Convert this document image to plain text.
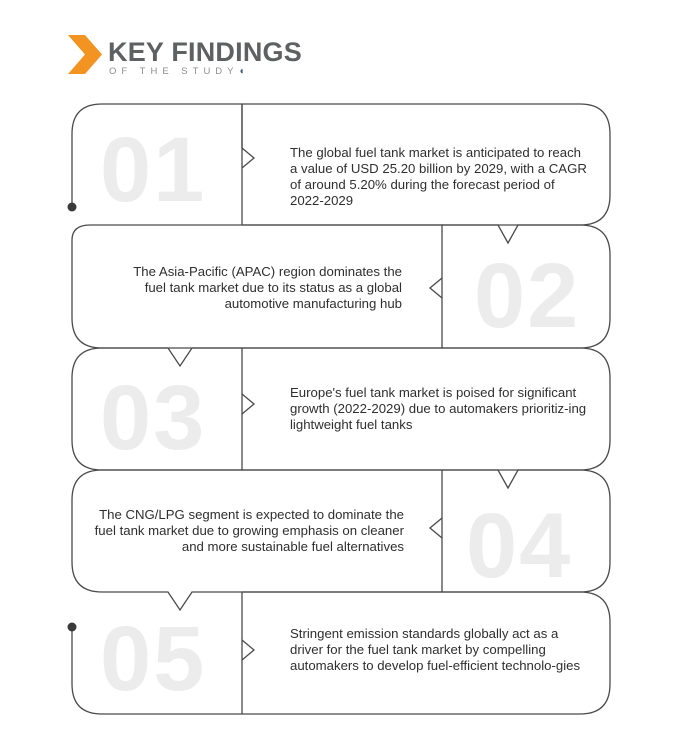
KEY FINDINGS
OF THE STUDY◖
01	The global fuel tank market is anticipated to reach a value of USD 25.20 billion by 2029, with a CAGR of around 5.20% during the forecast period of 2022-2029
02
The Asia-Pacific (APAC) region dominates the fuel tank market due to its status as a global automotive manufacturing hub
03	Europe's fuel tank market is poised for significant growth (2022-2029) due to automakers prioritiz-ing lightweight fuel tanks
04
The CNG/LPG segment is expected to dominate the fuel tank market due to growing emphasis on cleaner and more sustainable fuel alternatives
05	Stringent emission standards globally act as a driver for the fuel tank market by compelling automakers to develop fuel-efficient technolo-gies
